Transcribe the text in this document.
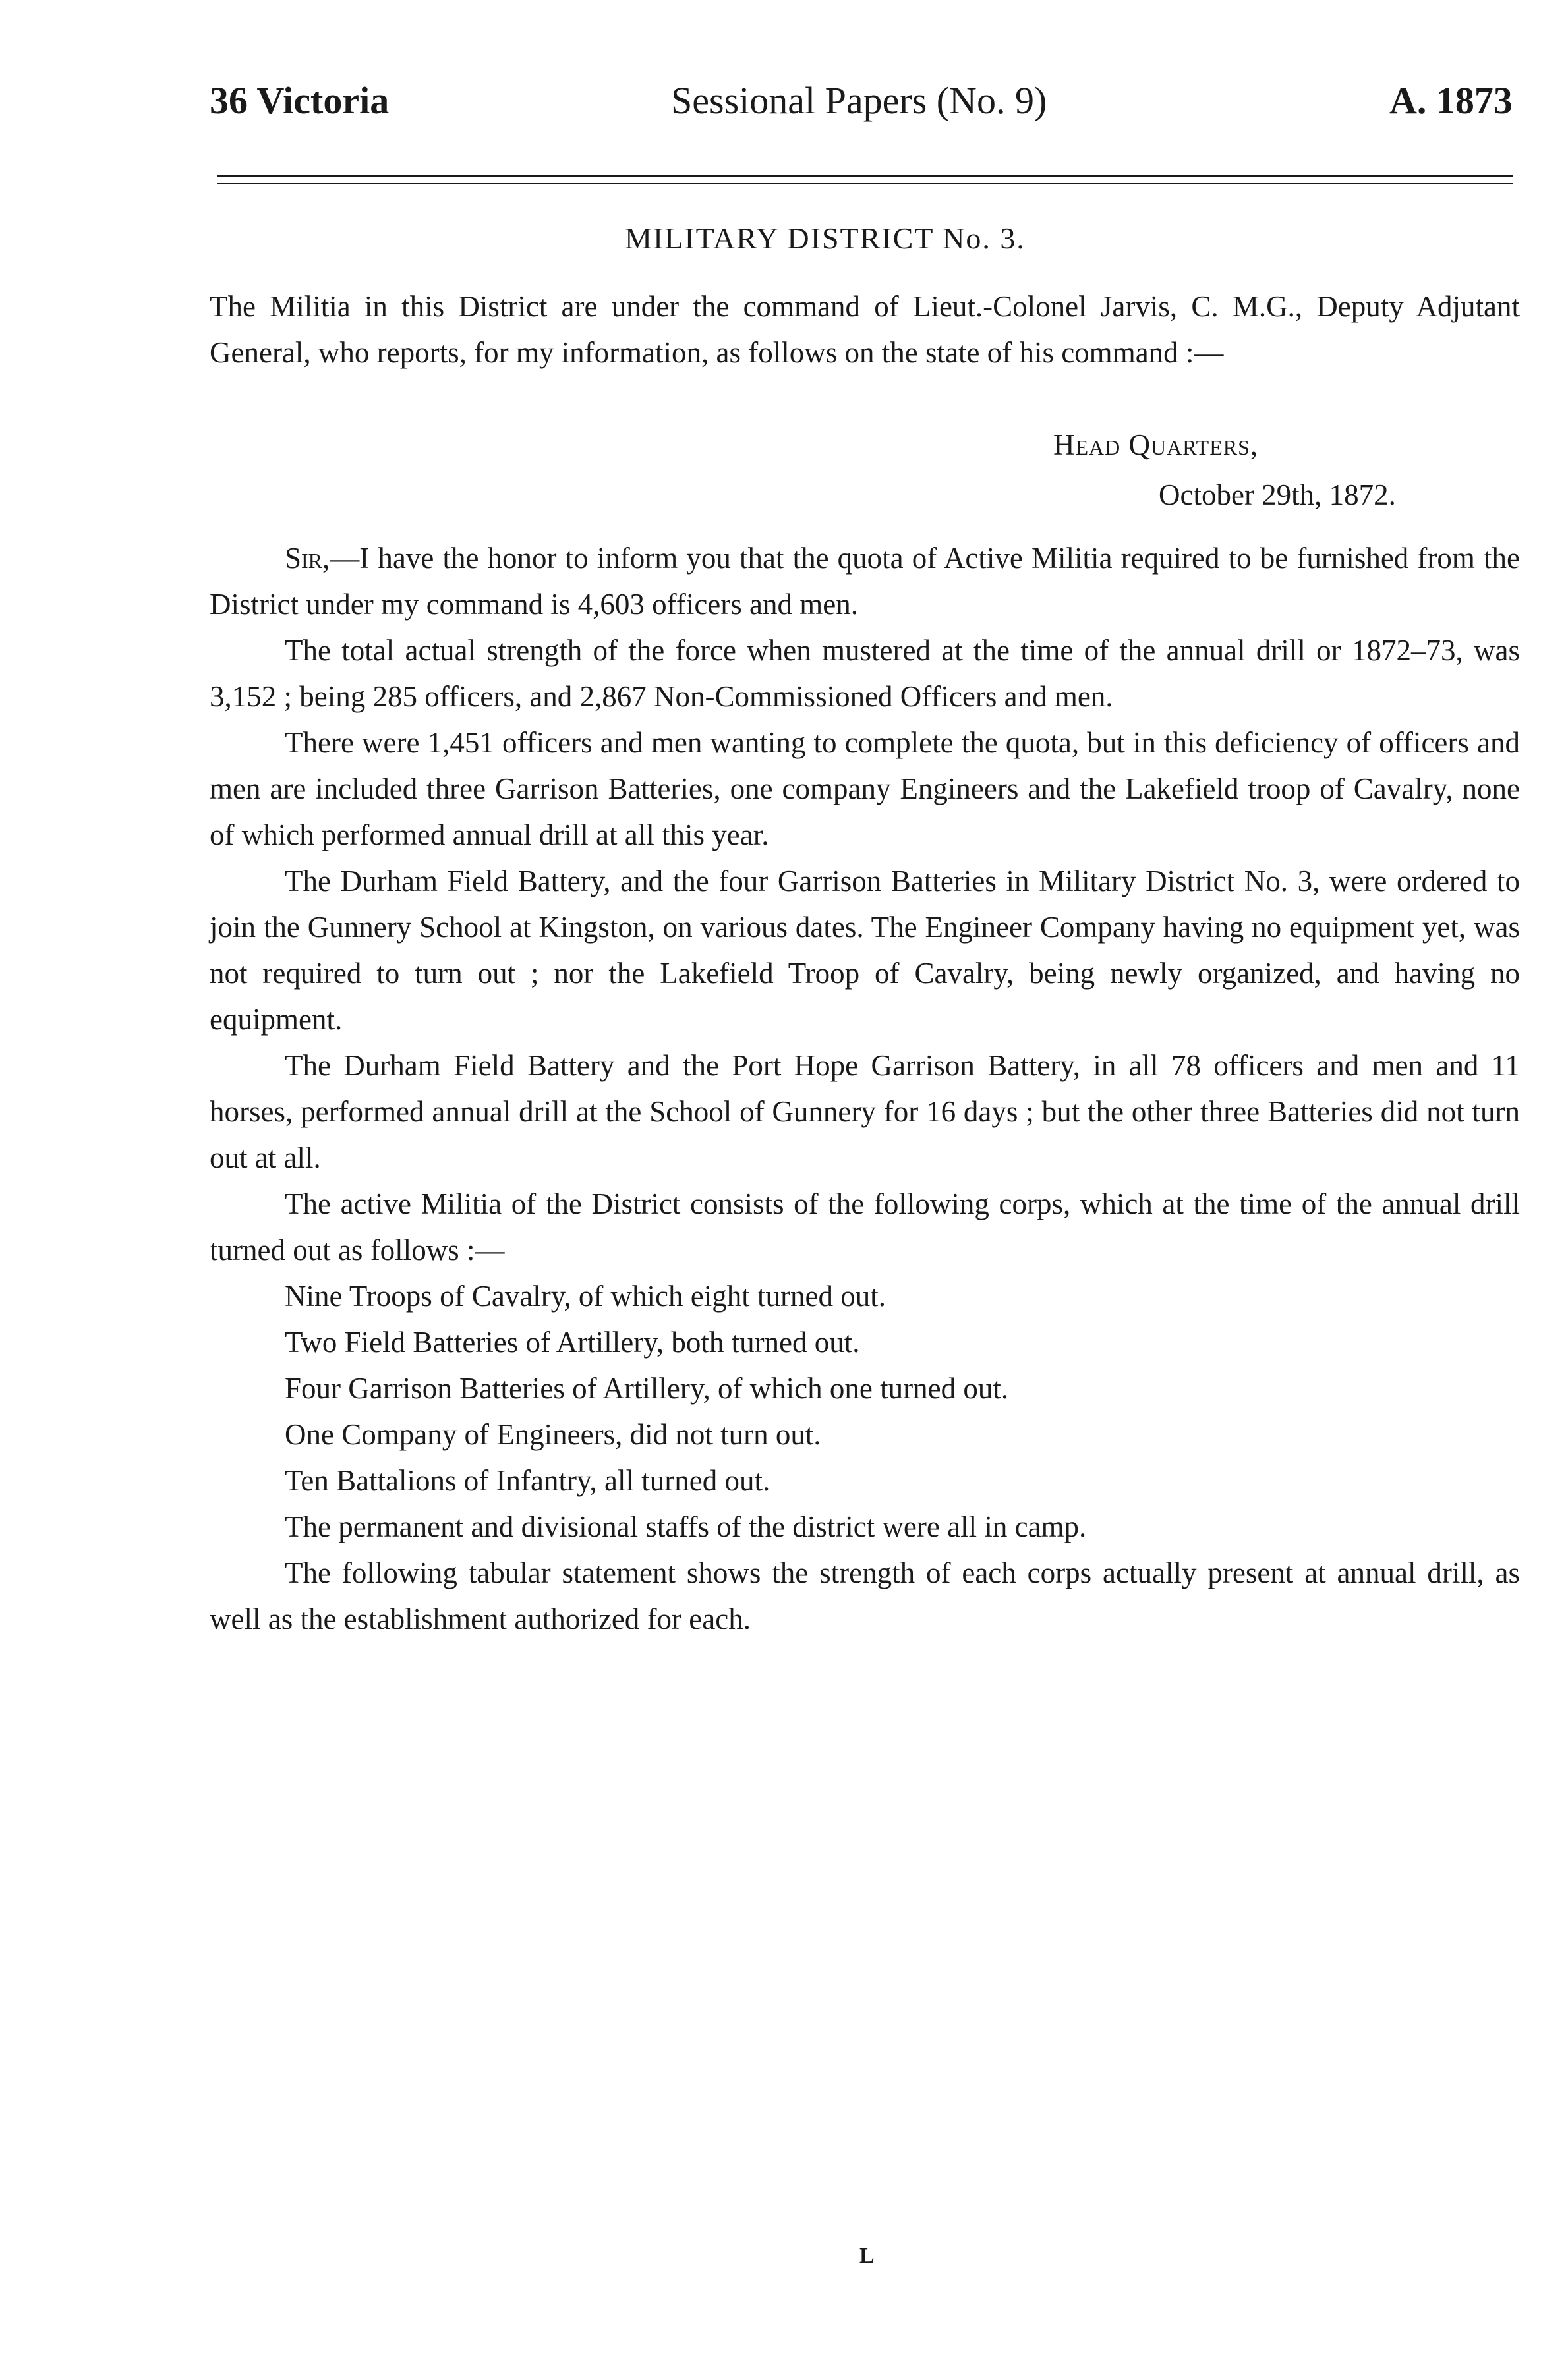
36 Victoria	Sessional Papers (No. 9)	A. 1873
MILITARY DISTRICT No. 3.
The Militia in this District are under the command of Lieut.-Colonel Jarvis, C. M.G., Deputy Adjutant General, who reports, for my information, as follows on the state of his command :—
Head Quarters,
October 29th, 1872.

Sir,—I have the honor to inform you that the quota of Active Militia required to be furnished from the District under my command is 4,603 officers and men.

The total actual strength of the force when mustered at the time of the annual drill or 1872–73, was 3,152 ; being 285 officers, and 2,867 Non-Commissioned Officers and men.

There were 1,451 officers and men wanting to complete the quota, but in this deficiency of officers and men are included three Garrison Batteries, one company Engineers and the Lakefield troop of Cavalry, none of which performed annual drill at all this year.

The Durham Field Battery, and the four Garrison Batteries in Military District No. 3, were ordered to join the Gunnery School at Kingston, on various dates. The Engineer Company having no equipment yet, was not required to turn out ; nor the Lakefield Troop of Cavalry, being newly organized, and having no equipment.

The Durham Field Battery and the Port Hope Garrison Battery, in all 78 officers and men and 11 horses, performed annual drill at the School of Gunnery for 16 days ; but the other three Batteries did not turn out at all.

The active Militia of the District consists of the following corps, which at the time of the annual drill turned out as follows :—

Nine Troops of Cavalry, of which eight turned out.

Two Field Batteries of Artillery, both turned out.

Four Garrison Batteries of Artillery, of which one turned out.

One Company of Engineers, did not turn out.

Ten Battalions of Infantry, all turned out.

The permanent and divisional staffs of the district were all in camp.

The following tabular statement shows the strength of each corps actually present at annual drill, as well as the establishment authorized for each.

L
